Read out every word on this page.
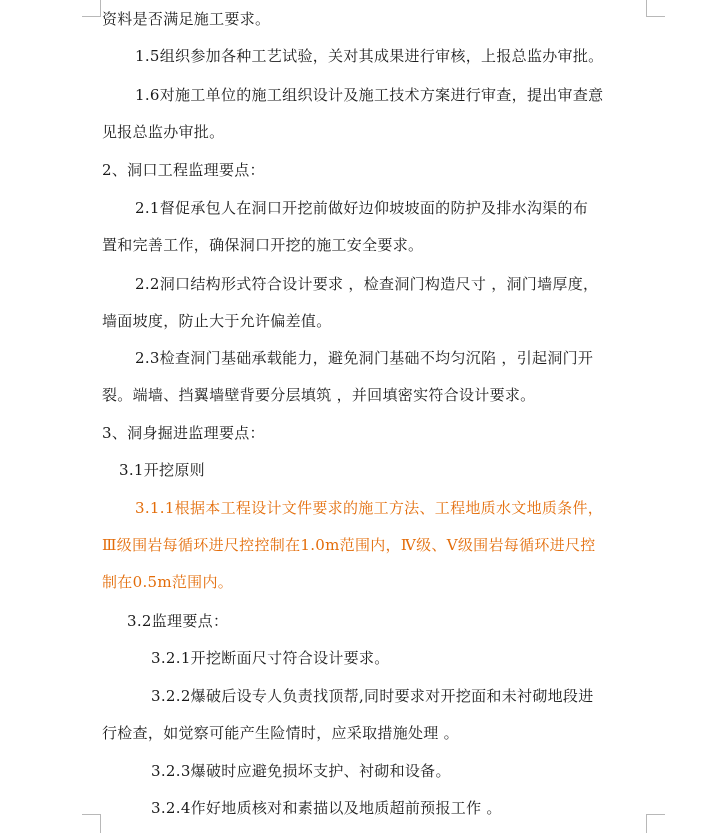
资料是否满足施工要求。
1.5组织参加各种工艺试验，关对其成果进行审核，上报总监办审批。
1.6对施工单位的施工组织设计及施工技术方案进行审查，提出审查意
见报总监办审批。
2、洞口工程监理要点：
2.1督促承包人在洞口开挖前做好边仰坡坡面的防护及排水沟渠的布
置和完善工作，确保洞口开挖的施工安全要求。
2.2洞口结构形式符合设计要求 ，检查洞门构造尺寸 ，洞门墙厚度，
墙面坡度，防止大于允许偏差值。
2.3检查洞门基础承载能力，避免洞门基础不均匀沉陷 ，引起洞门开
裂。端墙、挡翼墙壁背要分层填筑 ，并回填密实符合设计要求。
3、洞身掘进监理要点：
3.1开挖原则
3.1.1根据本工程设计文件要求的施工方法、工程地质水文地质条件，
Ⅲ级围岩每循环进尺控控制在1.0m范围内，Ⅳ级、Ⅴ级围岩每循环进尺控
制在0.5m范围内。
3.2监理要点：
3.2.1开挖断面尺寸符合设计要求。
3.2.2爆破后设专人负责找顶帮,同时要求对开挖面和未衬砌地段进
行检查，如觉察可能产生险情时，应采取措施处理 。
3.2.3爆破时应避免损坏支护、衬砌和设备。
3.2.4作好地质核对和素描以及地质超前预报工作 。
